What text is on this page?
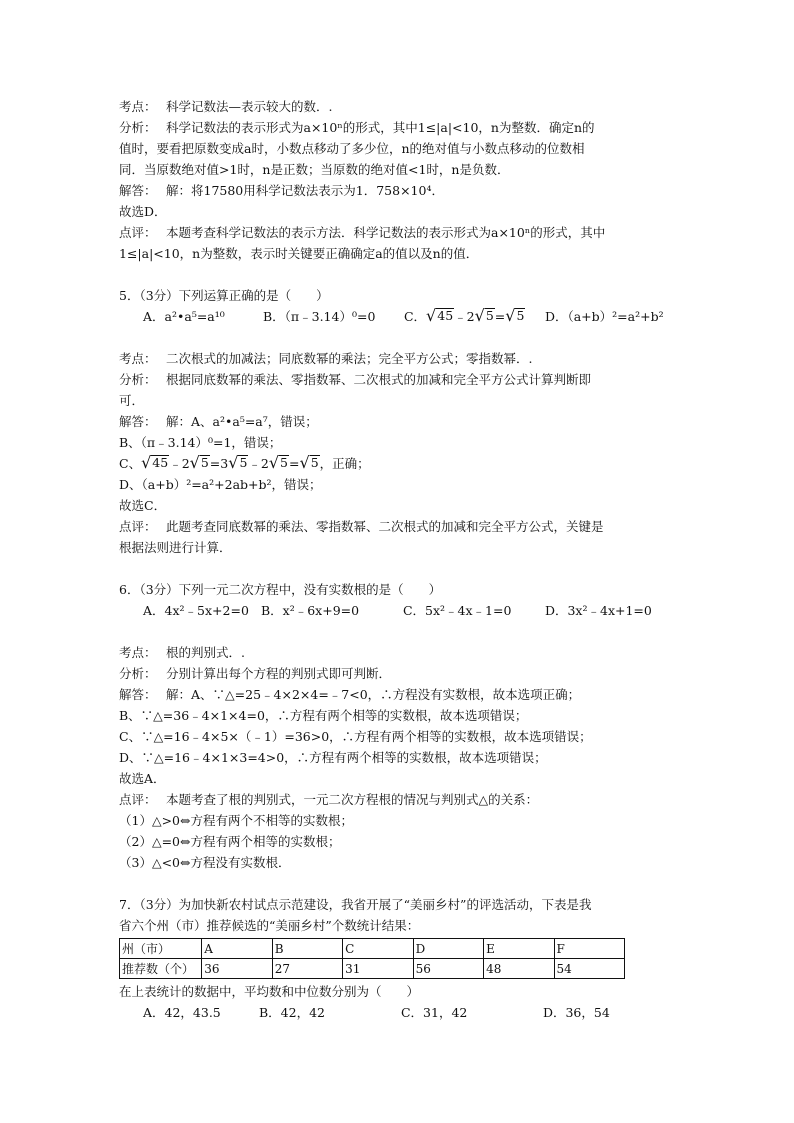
考点： 科学记数法—表示较大的数．.
分析： 科学记数法的表示形式为a×10ⁿ的形式，其中1≤|a|<10，n为整数．确定n的
值时，要看把原数变成a时，小数点移动了多少位，n的绝对值与小数点移动的位数相
同．当原数绝对值>1时，n是正数；当原数的绝对值<1时，n是负数．
解答： 解：将17580用科学记数法表示为1．758×10⁴．
故选D．
点评： 本题考查科学记数法的表示方法．科学记数法的表示形式为a×10ⁿ的形式，其中
1≤|a|<10，n为整数，表示时关键要正确确定a的值以及n的值．
5．（3分）下列运算正确的是（　　）
A．a²•a⁵=a¹⁰	B．（π﹣3.14）⁰=0 C． √ 45 ﹣2 √ 5 = √ 5 D．（a+b）²=a²+b²
考点： 二次根式的加减法；同底数幂的乘法；完全平方公式；零指数幂．.
分析： 根据同底数幂的乘法、零指数幂、二次根式的加减和完全平方公式计算判断即
可．
解答： 解：A、a²•a⁵=a⁷，错误；
B、（π﹣3.14）⁰=1，错误；
C、 √ 45 ﹣2 √ 5 =3 √ 5 ﹣2 √ 5 = √ 5 ，正确；
D、（a+b）²=a²+2ab+b²，错误；
故选C．
点评： 此题考查同底数幂的乘法、零指数幂、二次根式的加减和完全平方公式，关键是
根据法则进行计算．
6．（3分）下列一元二次方程中，没有实数根的是（　　）
A．4x²﹣5x+2=0 B．x²﹣6x+9=0	C．5x²﹣4x﹣1=0	D．3x²﹣4x+1=0
考点： 根的判别式．.
分析： 分别计算出每个方程的判别式即可判断．
解答： 解：A、∵△=25﹣4×2×4=﹣7<0，∴方程没有实数根，故本选项正确；
B、∵△=36﹣4×1×4=0，∴方程有两个相等的实数根，故本选项错误；
C、∵△=16﹣4×5×（﹣1）=36>0，∴方程有两个相等的实数根，故本选项错误；
D、∵△=16﹣4×1×3=4>0，∴方程有两个相等的实数根，故本选项错误；
故选A．
点评： 本题考查了根的判别式，一元二次方程根的情况与判别式△的关系：
（1）△>0⇔方程有两个不相等的实数根；
（2）△=0⇔方程有两个相等的实数根；
（3）△<0⇔方程没有实数根．
7．（3分）为加快新农村试点示范建设，我省开展了“美丽乡村”的评选活动，下表是我
省六个州（市）推荐候选的“美丽乡村”个数统计结果：
州（市）	A	B	C	D	E	F
推荐数（个）	36	27	31	56	48	54
在上表统计的数据中，平均数和中位数分别为（　　）
A．42，43.5	B．42，42	C．31，42	D．36，54
